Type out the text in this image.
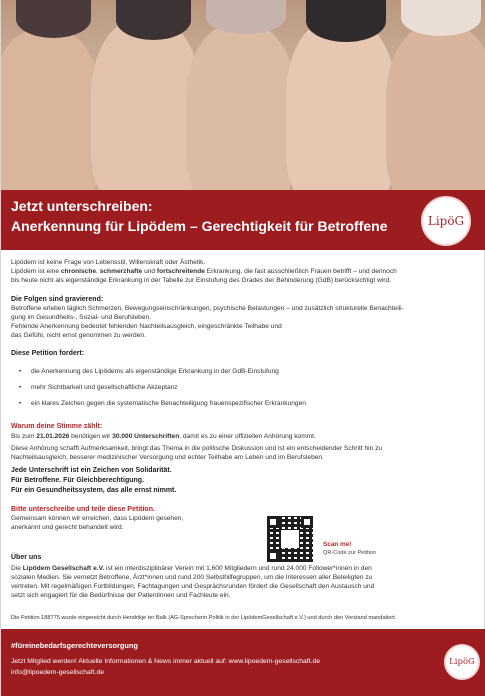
Jetzt unterschreiben:
Anerkennung für Lipödem – Gerechtigkeit für Betroffene	LipöG
Lipödem ist keine Frage von Lebensstil, Willenskraft oder Ästhetik.
Lipödem ist eine chronische, schmerzhafte und fortschreitende Erkrankung, die fast ausschließlich Frauen betrifft – und dennoch
bis heute nicht als eigenständige Erkrankung in der Tabelle zur Einstufung des Grades der Behinderung (GdB) berücksichtigt wird.
Die Folgen sind gravierend:
Betroffene erleben täglich Schmerzen, Bewegungseinschränkungen, psychische Belastungen – und zusätzlich strukturelle Benachteili-
gung im Gesundheits-, Sozial- und Berufsleben.
Fehlende Anerkennung bedeutet fehlenden Nachteilsausgleich, eingeschränkte Teilhabe und
das Gefühl, nicht ernst genommen zu werden.
Diese Petition fordert:
• die Anerkennung des Lipödems als eigenständige Erkrankung in der GdB-Einstufung
• mehr Sichtbarkeit und gesellschaftliche Akzeptanz
• ein klares Zeichen gegen die systematische Benachteiligung frauenspezifischer Erkrankungen
Warum deine Stimme zählt:
Bis zum 21.01.2026 benötigen wir 30.000 Unterschriften, damit es zu einer offiziellen Anhörung kommt.
Diese Anhörung schafft Aufmerksamkeit, bringt das Thema in die politische Diskussion und ist ein entscheidender Schritt hin zu
Nachteilsausgleich, besserer medizinischer Versorgung und echter Teilhabe am Leben und im Berufsleben.
Jede Unterschrift ist ein Zeichen von Solidarität.
Für Betroffene. Für Gleichberechtigung.
Für ein Gesundheitssystem, das alle ernst nimmt.
Bitte unterschreibe und teile diese Petition.
Gemeinsam können wir erreichen, dass Lipödem gesehen,
anerkannt und gerecht behandelt wird.
Scan me!
QR-Code zur Petition
Über uns
Die Lipödem Gesellschaft e.V. ist ein interdisziplinärer Verein mit 1.600 Mitgliedern und rund 24.000 Follower*innen in den
sozialen Medien. Sie vernetzt Betroffene, Ärzt*innen und rund 200 Selbsthilfegruppen, um die Interessen aller Beteiligten zu
vertreten. Mit regelmäßigen Fortbildungen, Fachtagungen und Gesprächsrunden fördert die Gesellschaft den Austausch und
setzt sich engagiert für die Bedürfnisse der Patientinnen und Fachleute ein.
Die Petition 188775 wurde eingereicht durch Hendrikje ter Balk (AG-Sprecherin Politik in der LipödemGesellschaft e.V.) und durch den Vorstand mandatiert.
#füreinebedarfsgerechteversorgung
Jetzt Mitglied werden! Aktuelle Informationen & News immer aktuell auf: www.lipoedem-gesellschaft.de
info@lipoedem-gesellschaft.de
LipöG
